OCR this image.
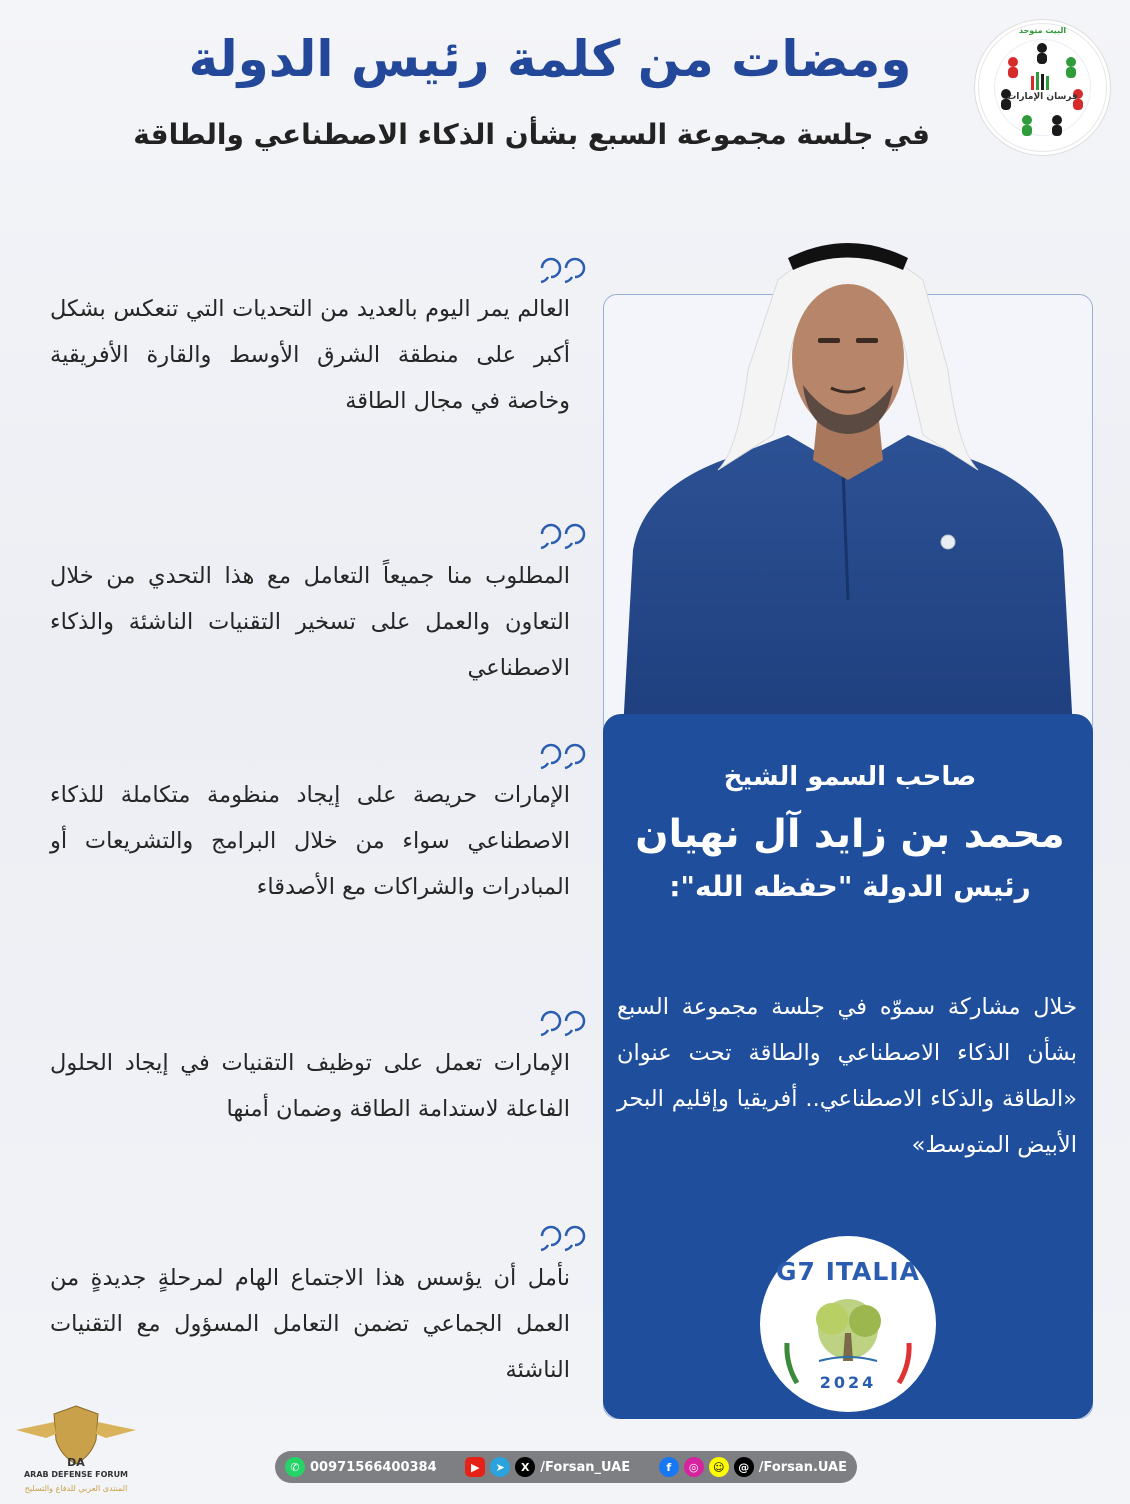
فرسان الإمارات
البيت متوحد
ومضات من كلمة رئيس الدولة
في جلسة مجموعة السبع بشأن الذكاء الاصطناعي والطاقة
العالم يمر اليوم بالعديد من التحديات التي تنعكس بشكل أكبر على منطقة الشرق الأوسط والقارة الأفريقية وخاصة في مجال الطاقة
المطلوب منا جميعاً التعامل مع هذا التحدي من خلال التعاون والعمل على تسخير التقنيات الناشئة والذكاء الاصطناعي
الإمارات حريصة على إيجاد منظومة متكاملة للذكاء الاصطناعي سواء من خلال البرامج والتشريعات أو المبادرات والشراكات مع الأصدقاء
الإمارات تعمل على توظيف التقنيات في إيجاد الحلول الفاعلة لاستدامة الطاقة وضمان أمنها
نأمل أن يؤسس هذا الاجتماع الهام لمرحلةٍ جديدةٍ من العمل الجماعي تضمن التعامل المسؤول مع التقنيات الناشئة
صاحب السمو الشيخ
محمد بن زايد آل نهيان
رئيس الدولة "حفظه الله":
خلال مشاركة سموّه في جلسة مجموعة السبع بشأن الذكاء الاصطناعي والطاقة تحت عنوان «الطاقة والذكاء الاصطناعي.. أفريقيا وإقليم البحر الأبيض المتوسط»
G7 ITALIA
2024
✆ 00971566400384	▶	➤	X /Forsan_UAE	f	◎	☺	@ /Forsan.UAE
DA
ARAB DEFENSE FORUM
المنتدى العربي للدفاع والتسليح
